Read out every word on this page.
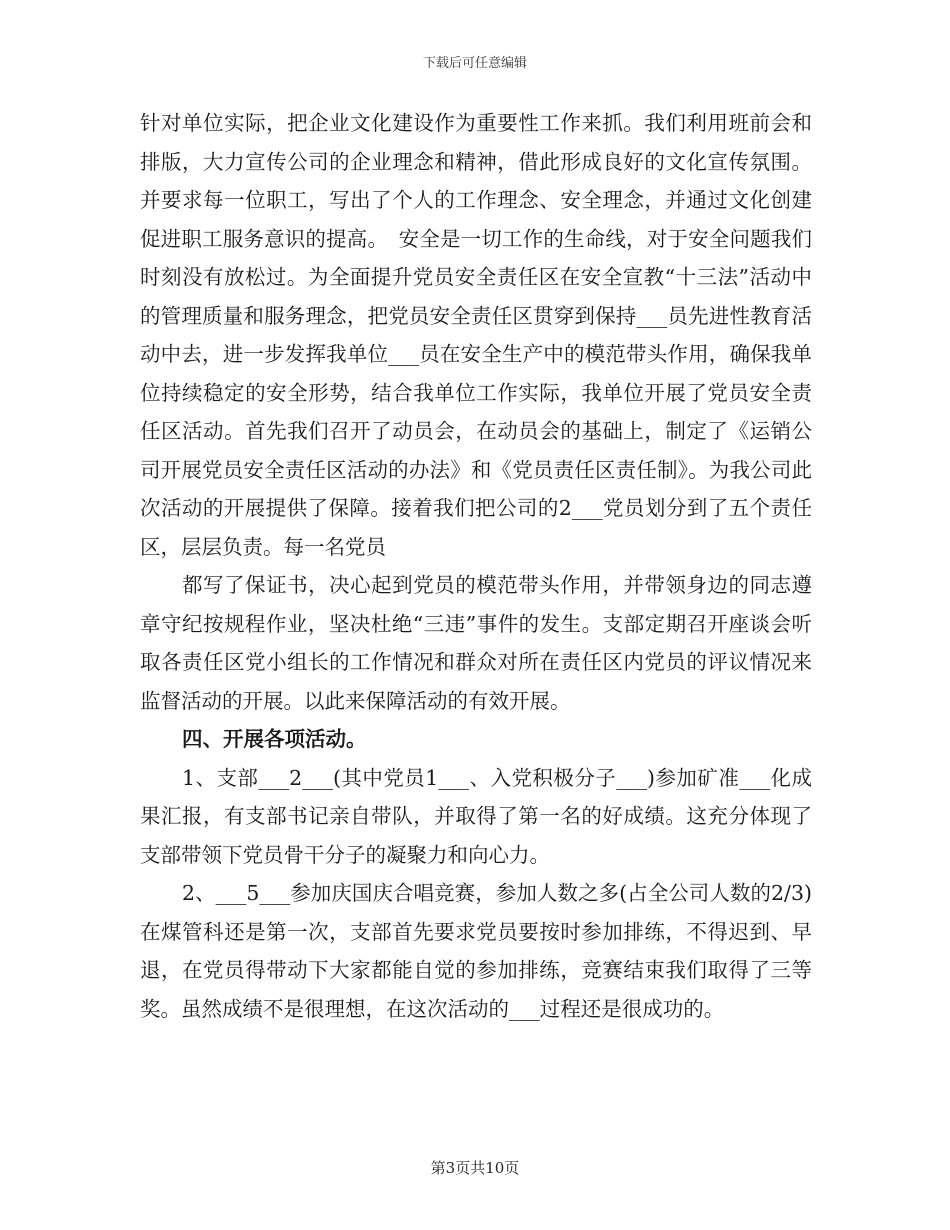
下载后可任意编辑

针对单位实际，把企业文化建设作为重要性工作来抓。我们利用班前会和排版，大力宣传公司的企业理念和精神，借此形成良好的文化宣传氛围。并要求每一位职工，写出了个人的工作理念、安全理念，并通过文化创建促进职工服务意识的提高。　安全是一切工作的生命线，对于安全问题我们时刻没有放松过。为全面提升党员安全责任区在安全宣教“十三法”活动中的管理质量和服务理念，把党员安全责任区贯穿到保持___员先进性教育活动中去，进一步发挥我单位___员在安全生产中的模范带头作用，确保我单位持续稳定的安全形势，结合我单位工作实际，我单位开展了党员安全责任区活动。首先我们召开了动员会，在动员会的基础上，制定了《运销公司开展党员安全责任区活动的办法》和《党员责任区责任制》。为我公司此次活动的开展提供了保障。接着我们把公司的2___党员划分到了五个责任区，层层负责。每一名党员

都写了保证书，决心起到党员的模范带头作用，并带领身边的同志遵章守纪按规程作业，坚决杜绝“三违”事件的发生。支部定期召开座谈会听取各责任区党小组长的工作情况和群众对所在责任区内党员的评议情况来监督活动的开展。以此来保障活动的有效开展。

四、开展各项活动。

1、支部___2___(其中党员1___、入党积极分子___)参加矿准___化成果汇报，有支部书记亲自带队，并取得了第一名的好成绩。这充分体现了支部带领下党员骨干分子的凝聚力和向心力。

2、___5___参加庆国庆合唱竞赛，参加人数之多(占全公司人数的2/3)在煤管科还是第一次，支部首先要求党员要按时参加排练，不得迟到、早退，在党员得带动下大家都能自觉的参加排练，竞赛结束我们取得了三等奖。虽然成绩不是很理想，在这次活动的___过程还是很成功的。

第3页共10页
